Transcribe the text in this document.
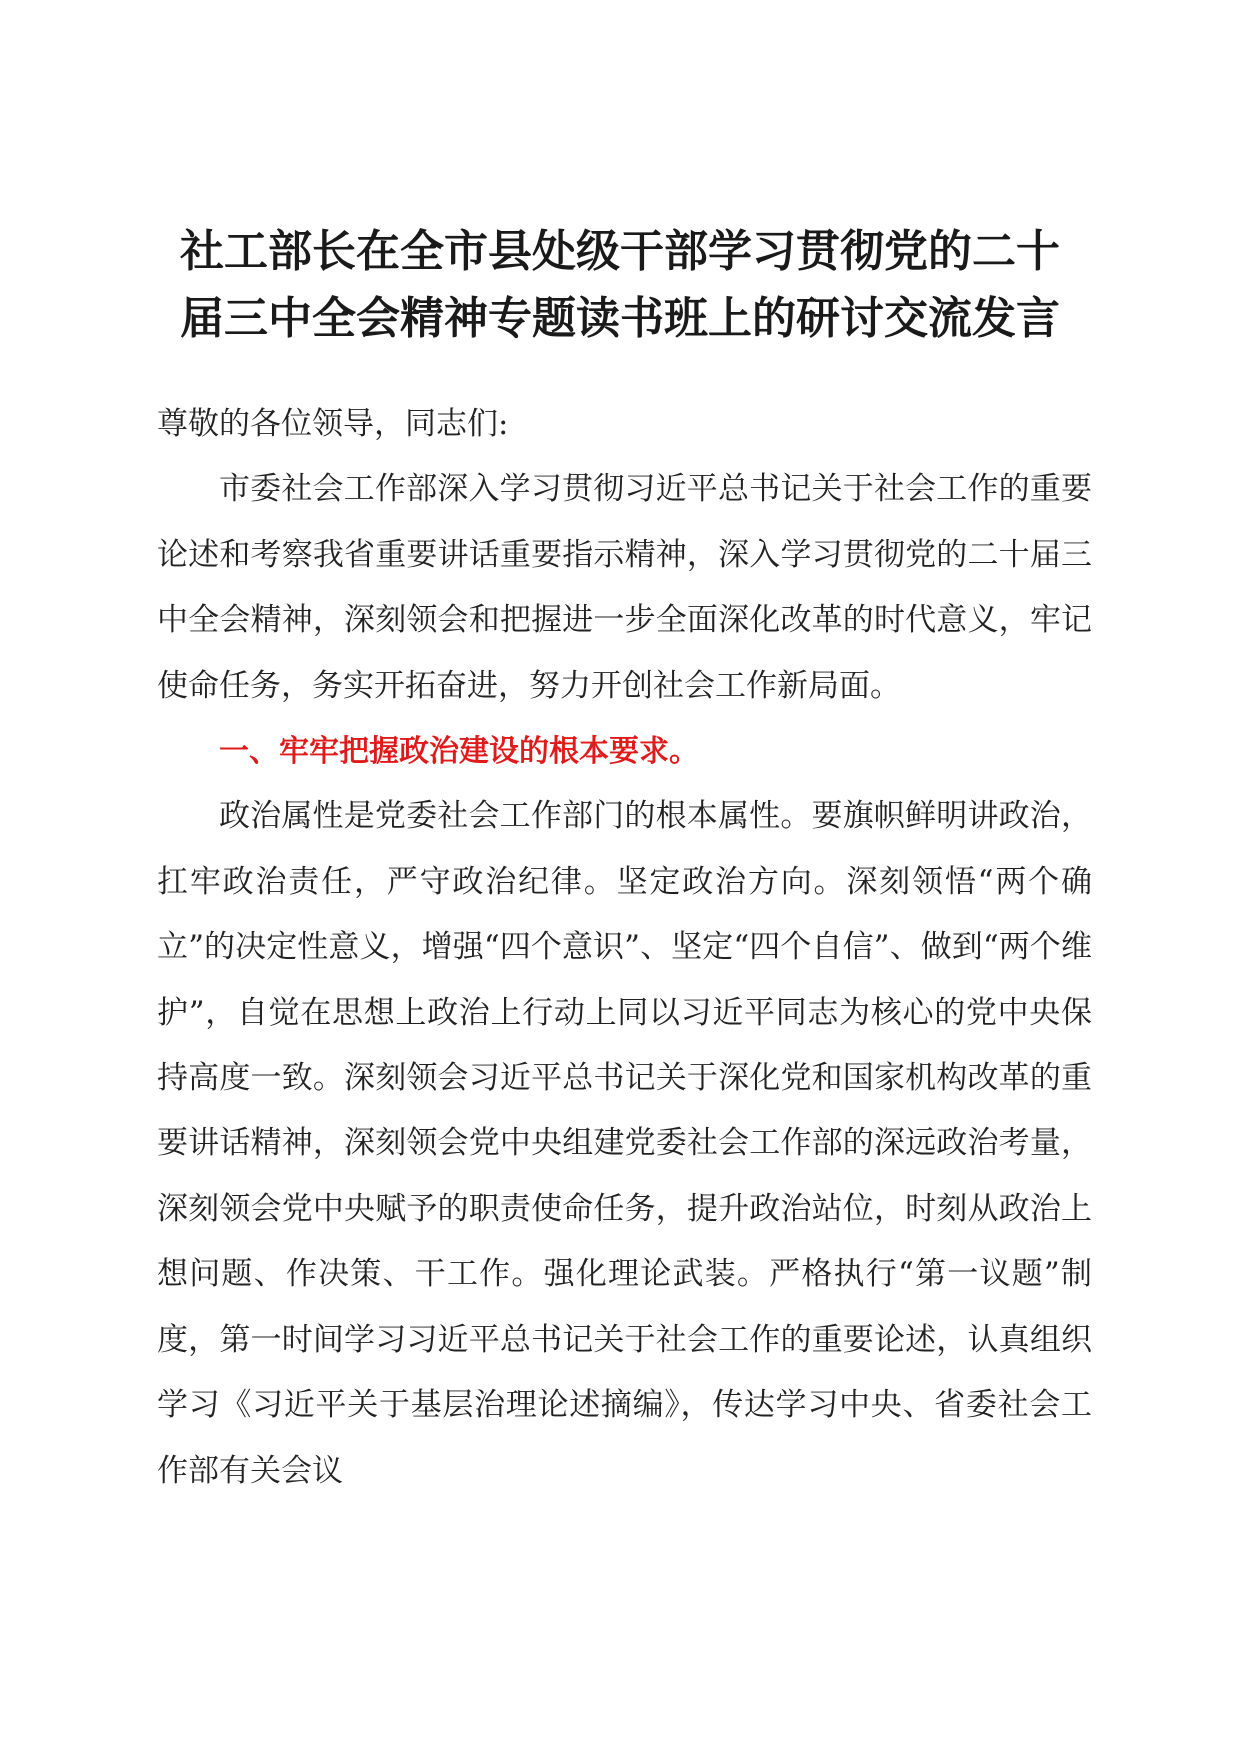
社工部长在全市县处级干部学习贯彻党的二十
届三中全会精神专题读书班上的研讨交流发言

尊敬的各位领导，同志们:

市委社会工作部深入学习贯彻习近平总书记关于社会工作的重要论述和考察我省重要讲话重要指示精神，深入学习贯彻党的二十届三中全会精神，深刻领会和把握进一步全面深化改革的时代意义，牢记使命任务，务实开拓奋进，努力开创社会工作新局面。

一、牢牢把握政治建设的根本要求。

政治属性是党委社会工作部门的根本属性。要旗帜鲜明讲政治，扛牢政治责任，严守政治纪律。坚定政治方向。深刻领悟“两个确立”的决定性意义，增强“四个意识”、坚定“四个自信”、做到“两个维护”，自觉在思想上政治上行动上同以习近平同志为核心的党中央保持高度一致。深刻领会习近平总书记关于深化党和国家机构改革的重要讲话精神，深刻领会党中央组建党委社会工作部的深远政治考量，深刻领会党中央赋予的职责使命任务，提升政治站位，时刻从政治上想问题、作决策、干工作。强化理论武装。严格执行“第一议题”制度，第一时间学习习近平总书记关于社会工作的重要论述，认真组织学习《习近平关于基层治理论述摘编》，传达学习中央、省委社会工作部有关会议
